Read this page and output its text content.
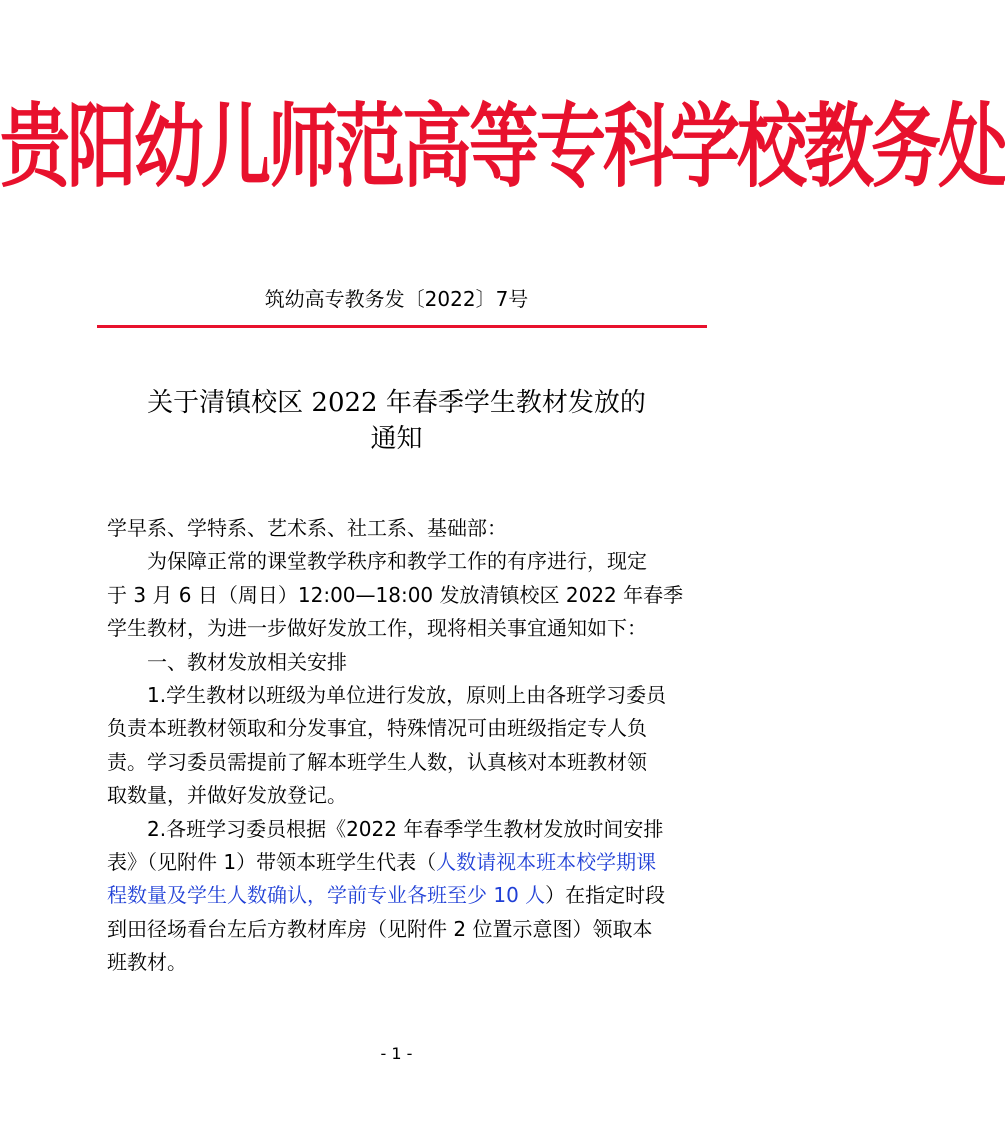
贵阳幼儿师范高等专科学校教务处
筑幼高专教务发〔2022〕7号
关于清镇校区 2022 年春季学生教材发放的
通知
学早系、学特系、艺术系、社工系、基础部：
为保障正常的课堂教学秩序和教学工作的有序进行，现定
于 3 月 6 日（周日）12:00—18:00 发放清镇校区 2022 年春季
学生教材，为进一步做好发放工作，现将相关事宜通知如下：
一、教材发放相关安排
1.学生教材以班级为单位进行发放，原则上由各班学习委员
负责本班教材领取和分发事宜，特殊情况可由班级指定专人负
责。学习委员需提前了解本班学生人数，认真核对本班教材领
取数量，并做好发放登记。
2.各班学习委员根据《2022 年春季学生教材发放时间安排
表》（见附件 1）带领本班学生代表（人数请视本班本校学期课
程数量及学生人数确认，学前专业各班至少 10 人）在指定时段
到田径场看台左后方教材库房（见附件 2 位置示意图）领取本
班教材。
- 1 -
